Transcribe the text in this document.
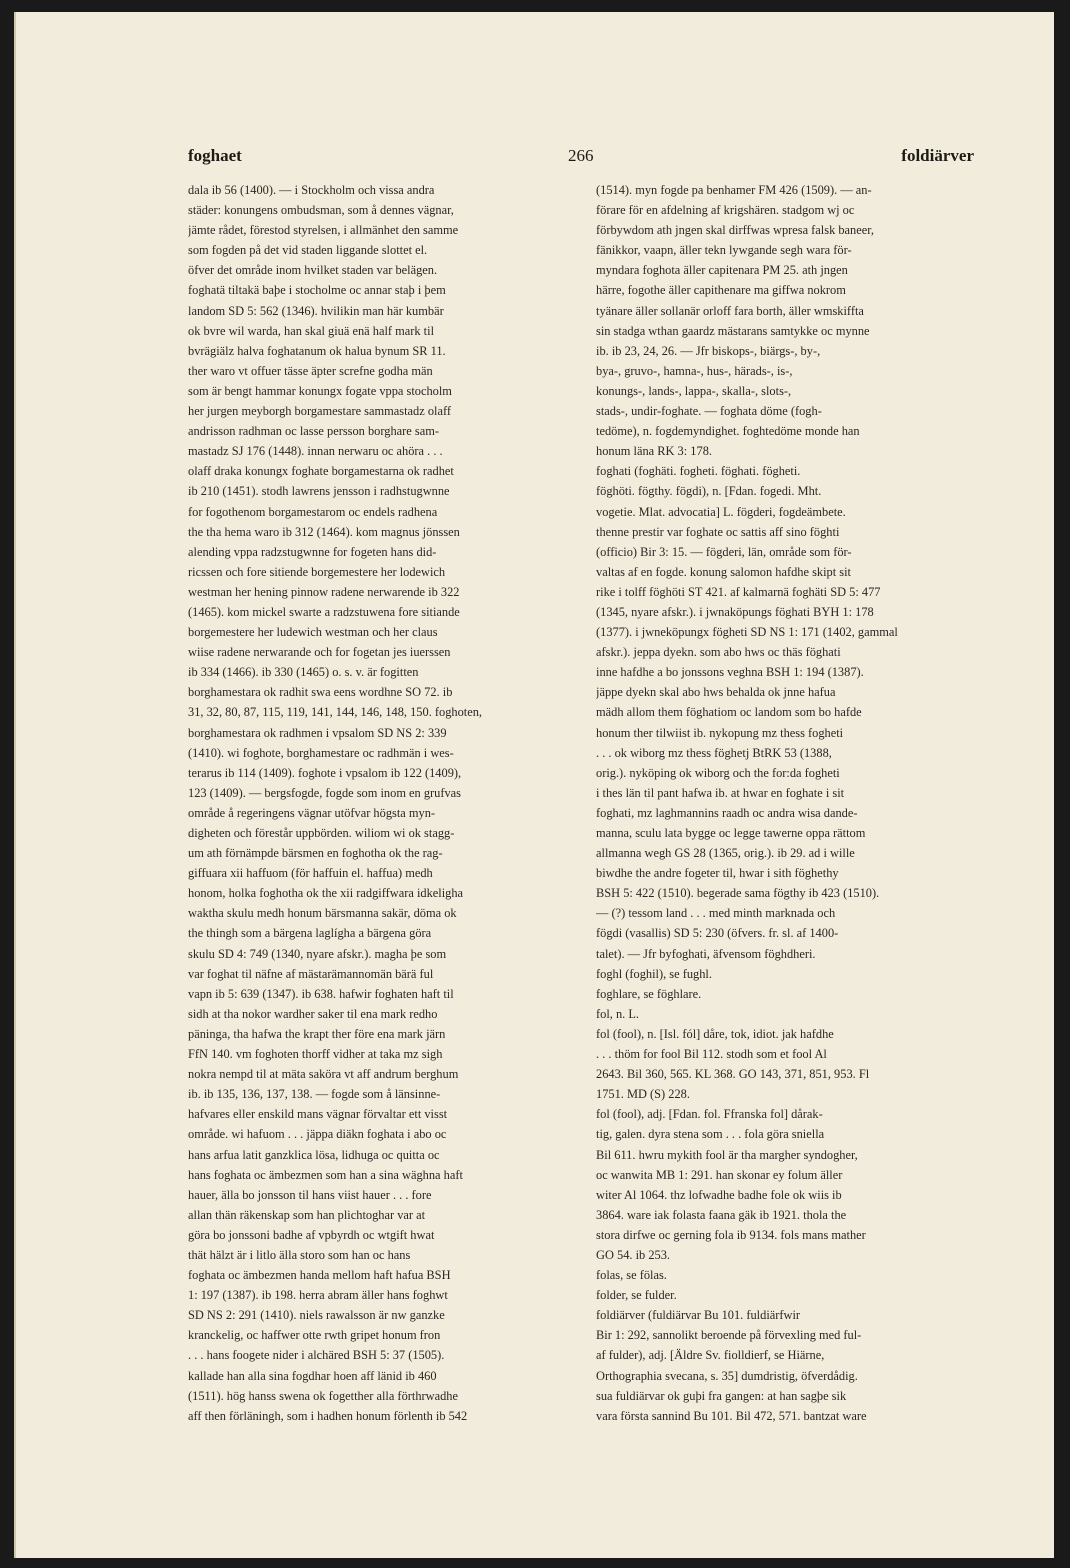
foghaet	266	foldiärver
dala ib 56 (1400). — i Stockholm och vissa andra
städer: konungens ombudsman, som å dennes vägnar,
jämte rådet, förestod styrelsen, i allmänhet den samme
som fogden på det vid staden liggande slottet el.
öfver det område inom hvilket staden var belägen.
foghatä tiltakä baþe i stocholme oc annar staþ i þem
landom SD 5: 562 (1346). hvilikin man här kumbär
ok bvre wil warda, han skal giuä enä half mark til
bvrägiälz halva foghatanum ok halua bynum SR 11.
ther waro vt offuer tässe äpter screfne godha män
som är bengt hammar konungx fogate vppa stocholm
her jurgen meyborgh borgamestare sammastadz olaff
andrisson radhman oc lasse persson borghare sam-
mastadz SJ 176 (1448). innan nerwaru oc ahöra . . .
olaff draka konungx foghate borgamestarna ok radhet
ib 210 (1451). stodh lawrens jensson i radhstugwnne
for fogothenom borgamestarom oc endels radhena
the tha hema waro ib 312 (1464). kom magnus jönssen
alending vppa radzstugwnne for fogeten hans did-
ricssen och fore sitiende borgemestere her lodewich
westman her hening pinnow radene nerwarende ib 322
(1465). kom mickel swarte a radzstuwena fore sitiande
borgemestere her ludewich westman och her claus
wiise radene nerwarande och for fogetan jes iuerssen
ib 334 (1466). ib 330 (1465) o. s. v. är fogitten
borghamestara ok radhit swa eens wordhne SO 72. ib
31, 32, 80, 87, 115, 119, 141, 144, 146, 148, 150. foghoten,
borghamestara ok radhmen i vpsalom SD NS 2: 339
(1410). wi foghote, borghamestare oc radhmän i wes-
terarus ib 114 (1409). foghote i vpsalom ib 122 (1409),
123 (1409). — bergsfogde, fogde som inom en grufvas
område å regeringens vägnar utöfvar högsta myn-
digheten och förestår uppbörden. wiliom wi ok stagg-
um ath förnämpde bärsmen en foghotha ok the rag-
giffuara xii haffuom (för haffuin el. haffua) medh
honom, holka foghotha ok the xii radgiffwara idkeligha
waktha skulu medh honum bärsmanna sakär, döma ok
the thingh som a bärgena laglígha a bärgena göra
skulu SD 4: 749 (1340, nyare afskr.). magha þe som
var foghat til näfne af mästarämannomän bärä ful
vapn ib 5: 639 (1347). ib 638. hafwir foghaten haft til
sidh at tha nokor wardher saker til ena mark redho
päninga, tha hafwa the krapt ther före ena mark järn
FfN 140. vm foghoten thorff vidher at taka mz sigh
nokra nempd til at mäta saköra vt aff andrum berghum
ib. ib 135, 136, 137, 138. — fogde som å länsinne-
hafvares eller enskild mans vägnar förvaltar ett visst
område. wi hafuom . . . jäppa diäkn foghata i abo oc
hans arfua latit ganzklica lösa, lidhuga oc quitta oc
hans foghata oc ämbezmen som han a sina wäghna haft
hauer, älla bo jonsson til hans viist hauer . . . fore
allan thän räkenskap som han plichtoghar var at
göra bo jonssoni badhe af vpbyrdh oc wtgift hwat
thät hälzt är i litlo älla storo som han oc hans
foghata oc ämbezmen handa mellom haft hafua BSH
1: 197 (1387). ib 198. herra abram äller hans foghwt
SD NS 2: 291 (1410). niels rawalsson är nw ganzke
kranckelig, oc haffwer otte rwth gripet honum fron
. . . hans foogete nider i alchäred BSH 5: 37 (1505).
kallade han alla sina fogdhar hoen aff länid ib 460
(1511). hög hanss swena ok fogetther alla förthrwadhe
aff then förläningh, som i hadhen honum förlenth ib 542
(1514). myn fogde pa benhamer FM 426 (1509). — an-
förare för en afdelning af krigshären. stadgom wj oc
förbywdom ath jngen skal dirffwas wpresa falsk baneer,
fänikkor, vaapn, äller tekn lywgande segh wara för-
myndara foghota äller capitenara PM 25. ath jngen
härre, fogothe äller capithenare ma giffwa nokrom
tyänare äller sollanär orloff fara borth, äller wmskiffta
sin stadga wthan gaardz mästarans samtykke oc mynne
ib. ib 23, 24, 26. — Jfr biskops-, biärgs-, by-,
bya-, gruvo-, hamna-, hus-, härads-, is-,
konungs-, lands-, lappa-, skalla-, slots-,
stads-, undir-foghate. — foghata döme (fogh-
tedöme), n. fogdemyndighet. foghtedöme monde han
honum läna RK 3: 178.
foghati (foghäti. fogheti. föghati. fögheti.
föghöti. fögthy. fögdi), n. [Fdan. fogedi. Mht.
vogetie. Mlat. advocatia] L. fögderi, fogdeämbete.
thenne prestir var foghate oc sattis aff sino föghti
(officio) Bir 3: 15. — fögderi, län, område som för-
valtas af en fogde. konung salomon hafdhe skipt sit
rike i tolff föghöti ST 421. af kalmarnä foghäti SD 5: 477
(1345, nyare afskr.). i jwnaköpungs föghati BYH 1: 178
(1377). i jwneköpungx fögheti SD NS 1: 171 (1402, gammal
afskr.). jeppa dyekn. som abo hws oc thäs föghati
inne hafdhe a bo jonssons veghna BSH 1: 194 (1387).
jäppe dyekn skal abo hws behalda ok jnne hafua
mädh allom them föghatiom oc landom som bo hafde
honum ther tilwiist ib. nykopung mz thess fogheti
. . . ok wiborg mz thess föghetj BtRK 53 (1388,
orig.). nyköping ok wiborg och the for:da fogheti
i thes län til pant hafwa ib. at hwar en foghate i sit
foghati, mz laghmannins raadh oc andra wisa dande-
manna, sculu lata bygge oc legge tawerne oppa rättom
allmanna wegh GS 28 (1365, orig.). ib 29. ad i wille
biwdhe the andre fogeter til, hwar i sith föghethy
BSH 5: 422 (1510). begerade sama fögthy ib 423 (1510).
— (?) tessom land . . . med minth marknada och
fögdi (vasallis) SD 5: 230 (öfvers. fr. sl. af 1400-
talet). — Jfr byfoghati, äfvensom föghdheri.
foghl (foghil), se fughl.
foghlare, se föghlare.
fol, n. L.
fol (fool), n. [Isl. fól] dåre, tok, idiot. jak hafdhe
. . . thöm for fool Bil 112. stodh som et fool Al
2643. Bil 360, 565. KL 368. GO 143, 371, 851, 953. Fl
1751. MD (S) 228.
fol (fool), adj. [Fdan. fol. Ffranska fol] dårak-
tig, galen. dyra stena som . . . fola göra sniella
Bil 611. hwru mykith fool är tha margher syndogher,
oc wanwita MB 1: 291. han skonar ey folum äller
witer Al 1064. thz lofwadhe badhe fole ok wiis ib
3864. ware iak folasta faana gäk ib 1921. thola the
stora dirfwe oc gerning fola ib 9134. fols mans mather
GO 54. ib 253.
folas, se fölas.
folder, se fulder.
foldiärver (fuldiärvar Bu 101. fuldiärfwir
Bir 1: 292, sannolikt beroende på förvexling med ful-
af fulder), adj. [Äldre Sv. fiolldierf, se Hiärne,
Orthographia svecana, s. 35] dumdristig, öfverdådig.
sua fuldiärvar ok guþi fra gangen: at han sagþe sik
vara första sannind Bu 101. Bil 472, 571. bantzat ware
